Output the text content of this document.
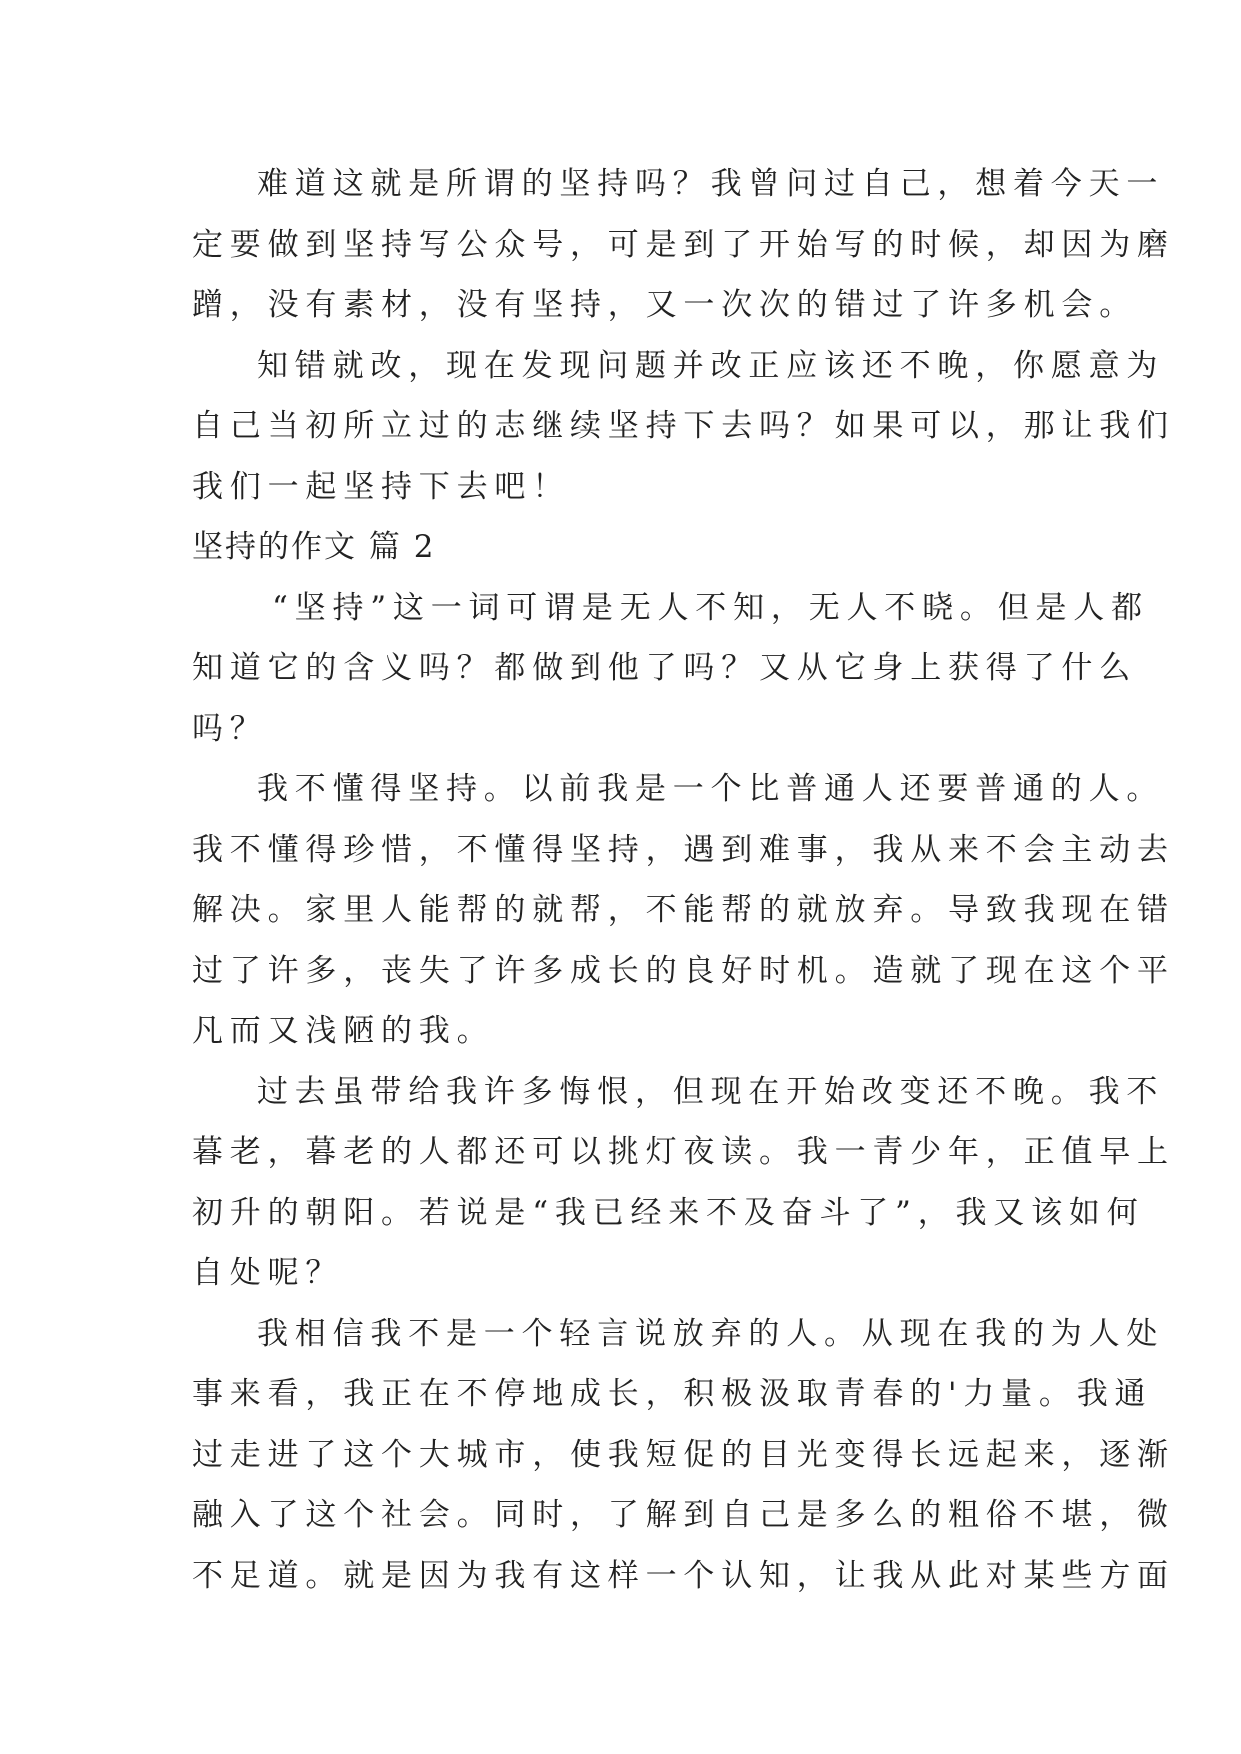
难道这就是所谓的坚持吗？我曾问过自己，想着今天一
定要做到坚持写公众号，可是到了开始写的时候，却因为磨
蹭，没有素材，没有坚持，又一次次的错过了许多机会。
知错就改，现在发现问题并改正应该还不晚，你愿意为
自己当初所立过的志继续坚持下去吗？如果可以，那让我们
我们一起坚持下去吧！
坚持的作文 篇 2
“坚持”这一词可谓是无人不知，无人不晓。但是人都
知道它的含义吗？都做到他了吗？又从它身上获得了什么
吗？
我不懂得坚持。以前我是一个比普通人还要普通的人。
我不懂得珍惜，不懂得坚持，遇到难事，我从来不会主动去
解决。家里人能帮的就帮，不能帮的就放弃。导致我现在错
过了许多，丧失了许多成长的良好时机。造就了现在这个平
凡而又浅陋的我。
过去虽带给我许多悔恨，但现在开始改变还不晚。我不
暮老，暮老的人都还可以挑灯夜读。我一青少年，正值早上
初升的朝阳。若说是“我已经来不及奋斗了”，我又该如何
自处呢？
我相信我不是一个轻言说放弃的人。从现在我的为人处
事来看，我正在不停地成长，积极汲取青春的'力量。我通
过走进了这个大城市，使我短促的目光变得长远起来，逐渐
融入了这个社会。同时，了解到自己是多么的粗俗不堪，微
不足道。就是因为我有这样一个认知，让我从此对某些方面
